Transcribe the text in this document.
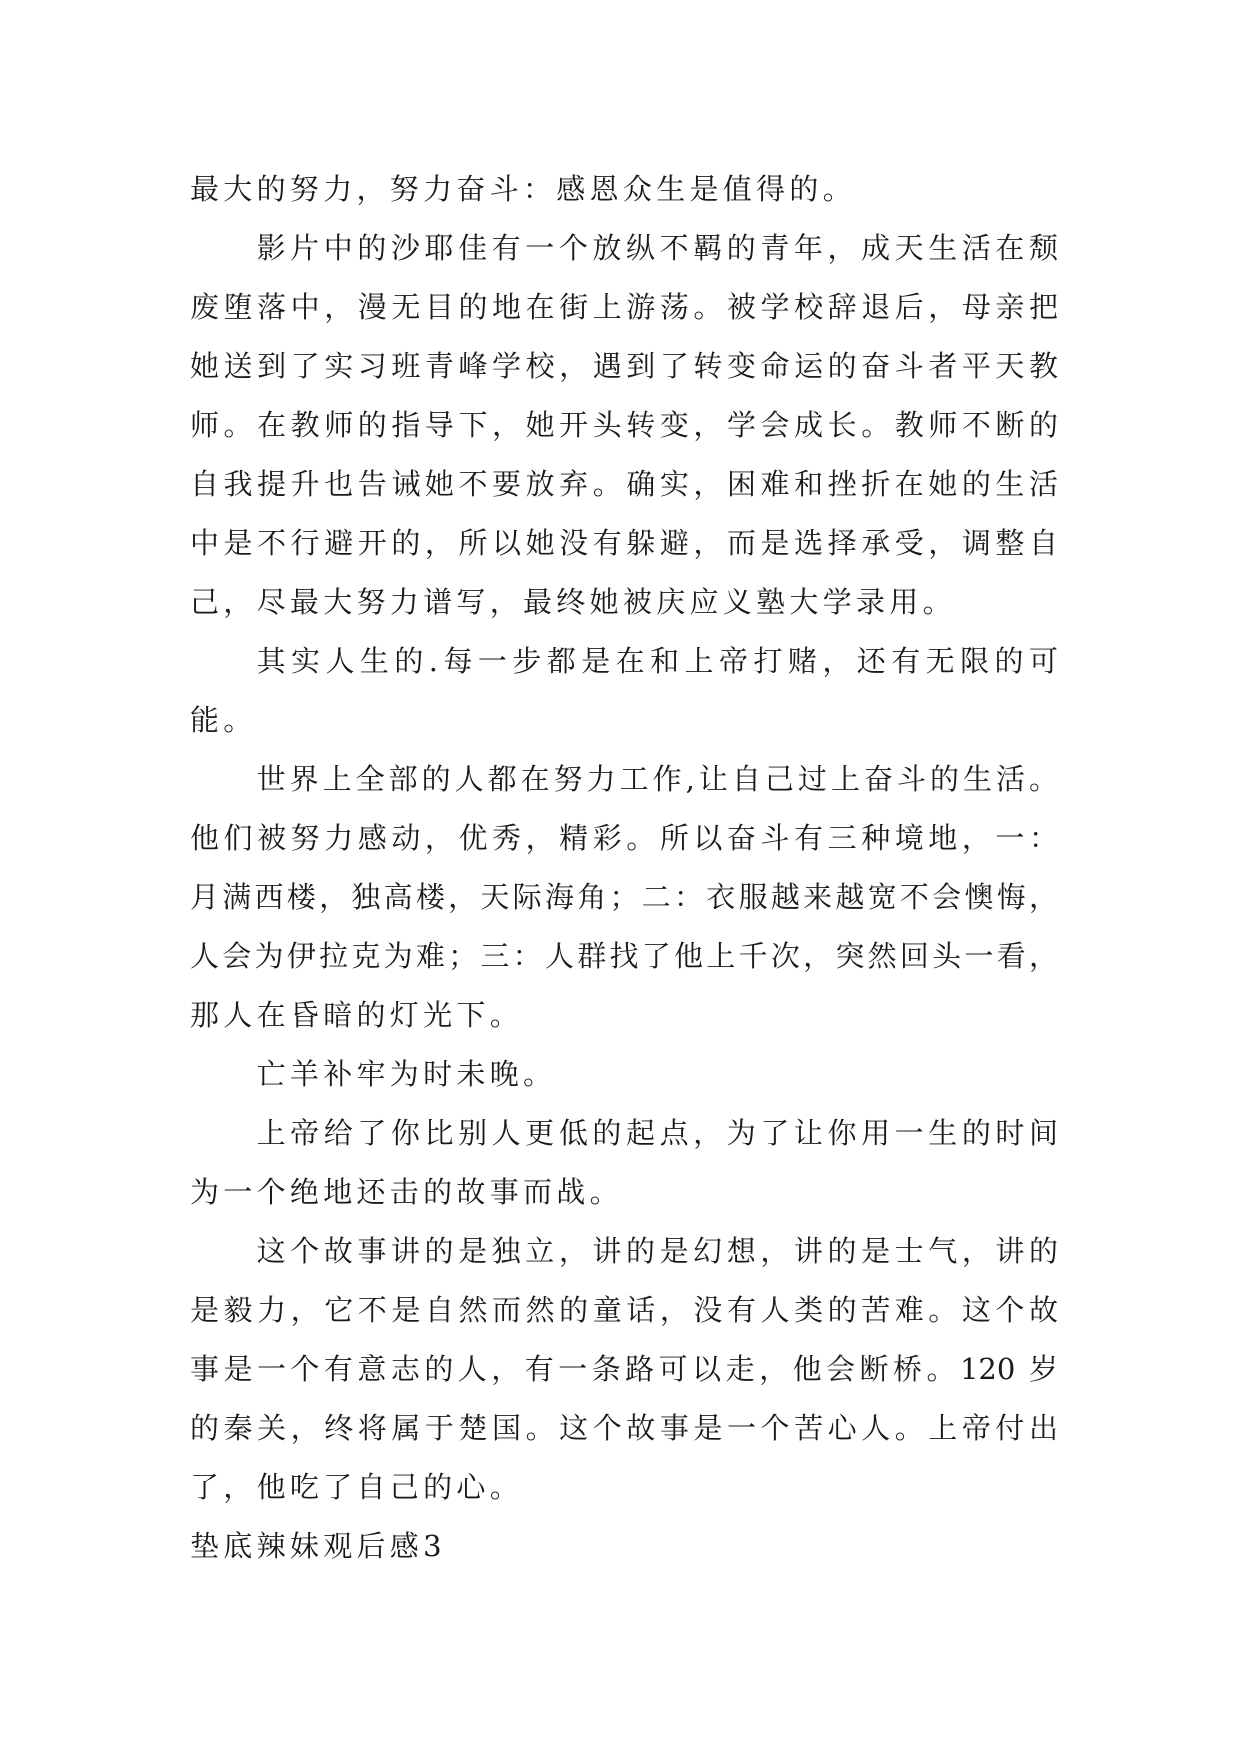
最大的努力，努力奋斗：感恩众生是值得的。
影片中的沙耶佳有一个放纵不羁的青年，成天生活在颓
废堕落中，漫无目的地在街上游荡。被学校辞退后，母亲把
她送到了实习班青峰学校，遇到了转变命运的奋斗者平天教
师。在教师的指导下，她开头转变，学会成长。教师不断的
自我提升也告诫她不要放弃。确实，困难和挫折在她的生活
中是不行避开的，所以她没有躲避，而是选择承受，调整自
己，尽最大努力谱写，最终她被庆应义塾大学录用。
其实人生的.每一步都是在和上帝打赌，还有无限的可
能。
世界上全部的人都在努力工作,让自己过上奋斗的生活。
他们被努力感动，优秀，精彩。所以奋斗有三种境地，一：
月满西楼，独高楼，天际海角；二：衣服越来越宽不会懊悔，
人会为伊拉克为难；三：人群找了他上千次，突然回头一看，
那人在昏暗的灯光下。
亡羊补牢为时未晚。
上帝给了你比别人更低的起点，为了让你用一生的时间
为一个绝地还击的故事而战。
这个故事讲的是独立，讲的是幻想，讲的是士气，讲的
是毅力，它不是自然而然的童话，没有人类的苦难。这个故
事是一个有意志的人，有一条路可以走，他会断桥。120 岁
的秦关，终将属于楚国。这个故事是一个苦心人。上帝付出
了，他吃了自己的心。
垫底辣妹观后感3
